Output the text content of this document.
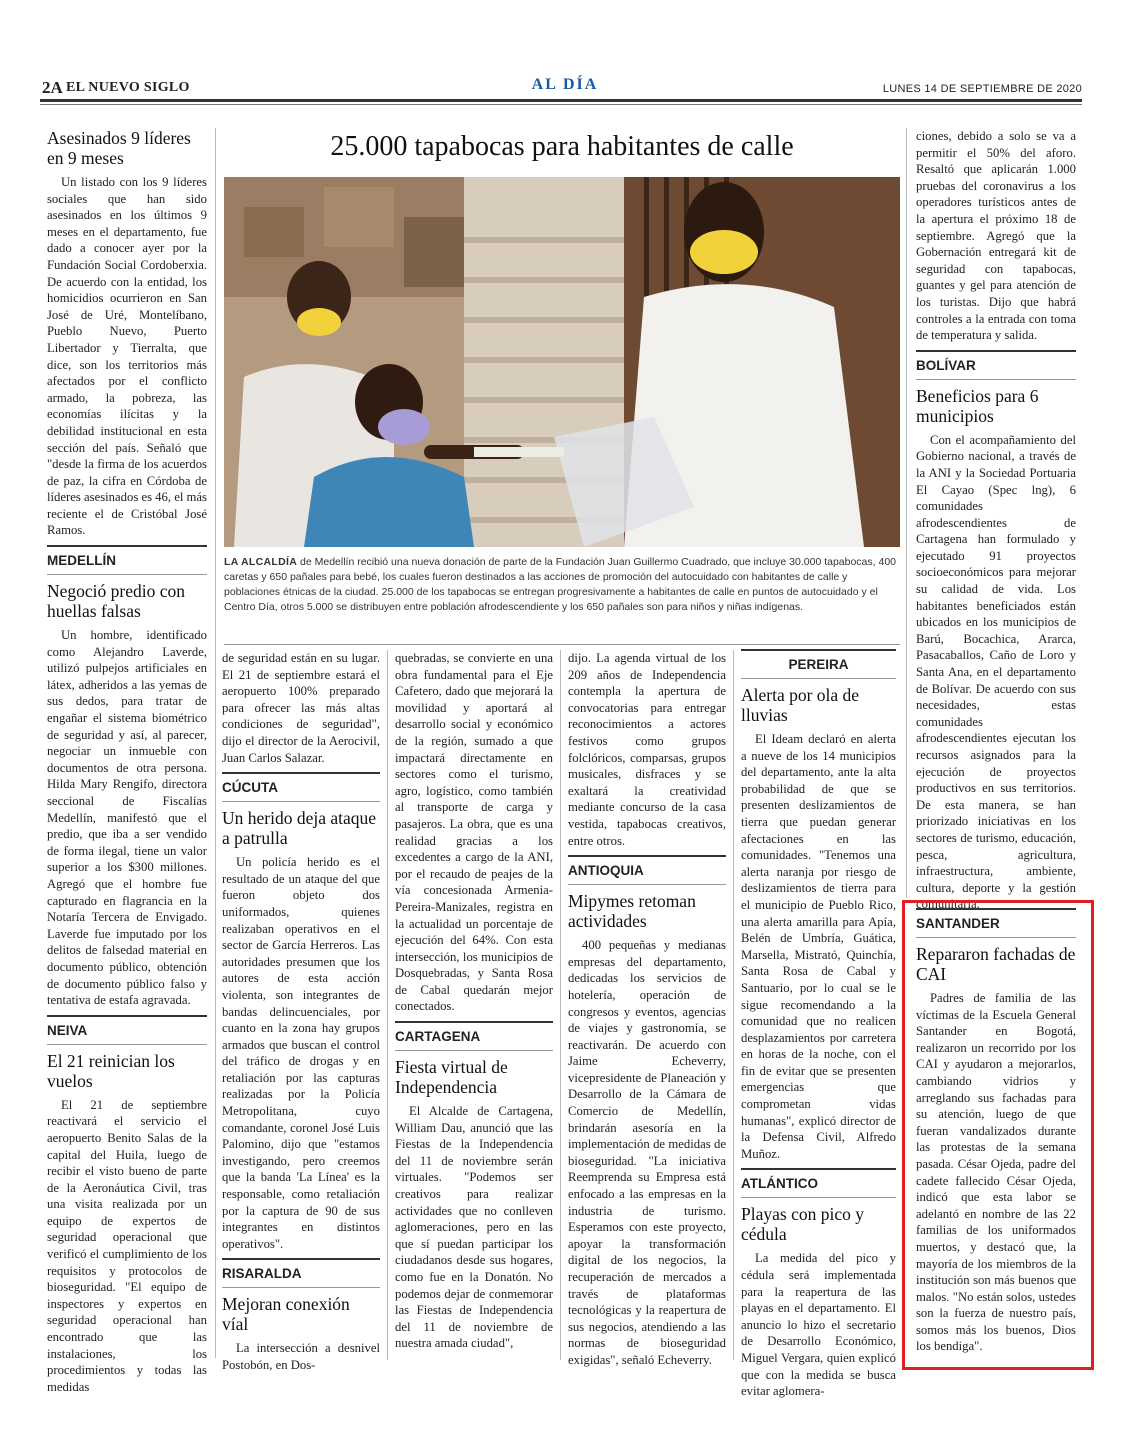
2A EL NUEVO SIGLO	AL DÍA	LUNES 14 DE SEPTIEMBRE DE 2020
Asesinados 9 líderes en 9 meses

Un listado con los 9 líderes sociales que han sido asesinados en los últimos 9 meses en el departamento, fue dado a conocer ayer por la Fundación Social Cordoberxia. De acuerdo con la entidad, los homicidios ocurrieron en San José de Uré, Montelíbano, Pueblo Nuevo, Puerto Libertador y Tierralta, que dice, son los territorios más afectados por el conflicto armado, la pobreza, las economías ilícitas y la debilidad institucional en esta sección del país. Señaló que "desde la firma de los acuerdos de paz, la cifra en Córdoba de líderes asesinados es 46, el más reciente el de Cristóbal José Ramos.

MEDELLÍN
Negoció predio con huellas falsas

Un hombre, identificado como Alejandro Laverde, utilizó pulpejos artificiales en látex, adheridos a las yemas de sus dedos, para tratar de engañar el sistema biométrico de seguridad y así, al parecer, negociar un inmueble con documentos de otra persona. Hilda Mary Rengifo, directora seccional de Fiscalías Medellín, manifestó que el predio, que iba a ser vendido de forma ilegal, tiene un valor superior a los $300 millones. Agregó que el hombre fue capturado en flagrancia en la Notaría Tercera de Envigado. Laverde fue imputado por los delitos de falsedad material en documento público, obtención de documento público falso y tentativa de estafa agravada.

NEIVA
El 21 reinician los vuelos

El 21 de septiembre reactivará el servicio el aeropuerto Benito Salas de la capital del Huila, luego de recibir el visto bueno de parte de la Aeronáutica Civil, tras una visita realizada por un equipo de expertos de seguridad operacional que verificó el cumplimiento de los requisitos y protocolos de bioseguridad. "El equipo de inspectores y expertos en seguridad operacional han encontrado que las instalaciones, los procedimientos y todas las medidas

25.000 tapabocas para habitantes de calle
LA ALCALDÍA de Medellín recibió una nueva donación de parte de la Fundación Juan Guillermo Cuadrado, que incluye 30.000 tapabocas, 400 caretas y 650 pañales para bebé, los cuales fueron destinados a las acciones de promoción del autocuidado con habitantes de calle y poblaciones étnicas de la ciudad. 25.000 de los tapabocas se entregan progresivamente a habitantes de calle en puntos de autocuidado y el Centro Día, otros 5.000 se distribuyen entre población afrodescendiente y los 650 pañales son para niños y niñas indígenas.

de seguridad están en su lugar. El 21 de septiembre estará el aeropuerto 100% preparado para ofrecer las más altas condiciones de seguridad", dijo el director de la Aerocivil, Juan Carlos Salazar.

CÚCUTA
Un herido deja ataque a patrulla

Un policía herido es el resultado de un ataque del que fueron objeto dos uniformados, quienes realizaban operativos en el sector de García Herreros. Las autoridades presumen que los autores de esta acción violenta, son integrantes de bandas delincuenciales, por cuanto en la zona hay grupos armados que buscan el control del tráfico de drogas y en retaliación por las capturas realizadas por la Policía Metropolitana, cuyo comandante, coronel José Luis Palomino, dijo que "estamos investigando, pero creemos que la banda 'La Línea' es la responsable, como retaliación por la captura de 90 de sus integrantes en distintos operativos".

RISARALDA
Mejoran conexión víal

La intersección a desnivel Postobón, en Dos-

quebradas, se convierte en una obra fundamental para el Eje Cafetero, dado que mejorará la movilidad y aportará al desarrollo social y económico de la región, sumado a que impactará directamente en sectores como el turismo, agro, logístico, como también al transporte de carga y pasajeros. La obra, que es una realidad gracias a los excedentes a cargo de la ANI, por el recaudo de peajes de la vía concesionada Armenia-Pereira-Manizales, registra en la actualidad un porcentaje de ejecución del 64%. Con esta intersección, los municipios de Dosquebradas, y Santa Rosa de Cabal quedarán mejor conectados.

CARTAGENA
Fiesta virtual de Independencia

El Alcalde de Cartagena, William Dau, anunció que las Fiestas de la Independencia del 11 de noviembre serán virtuales. "Podemos ser creativos para realizar actividades que no conlleven aglomeraciones, pero en las que sí puedan participar los ciudadanos desde sus hogares, como fue en la Donatón. No podemos dejar de conmemorar las Fiestas de Independencia del 11 de noviembre de nuestra amada ciudad",

dijo. La agenda virtual de los 209 años de Independencia contempla la apertura de convocatorias para entregar reconocimientos a actores festivos como grupos folclóricos, comparsas, grupos musicales, disfraces y se exaltará la creatividad mediante concurso de la casa vestida, tapabocas creativos, entre otros.

ANTIOQUIA
Mipymes retoman actividades

400 pequeñas y medianas empresas del departamento, dedicadas los servicios de hotelería, operación de congresos y eventos, agencias de viajes y gastronomía, se reactivarán. De acuerdo con Jaime Echeverry, vicepresidente de Planeación y Desarrollo de la Cámara de Comercio de Medellín, brindarán asesoría en la implementación de medidas de bioseguridad. "La iniciativa Reemprenda su Empresa está enfocado a las empresas en la industria de turismo. Esperamos con este proyecto, apoyar la transformación digital de los negocios, la recuperación de mercados a través de plataformas tecnológicas y la reapertura de sus negocios, atendiendo a las normas de bioseguridad exigidas", señaló Echeverry.

PEREIRA
Alerta por ola de lluvias

El Ideam declaró en alerta a nueve de los 14 municipios del departamento, ante la alta probabilidad de que se presenten deslizamientos de tierra que puedan generar afectaciones en las comunidades. "Tenemos una alerta naranja por riesgo de deslizamientos de tierra para el municipio de Pueblo Rico, una alerta amarilla para Apía, Belén de Umbría, Guática, Marsella, Mistrató, Quinchía, Santa Rosa de Cabal y Santuario, por lo cual se le sigue recomendando a la comunidad que no realicen desplazamientos por carretera en horas de la noche, con el fin de evitar que se presenten emergencias que comprometan vidas humanas", explicó director de la Defensa Civil, Alfredo Muñoz.

ATLÁNTICO
Playas con pico y cédula

La medida del pico y cédula será implementada para la reapertura de las playas en el departamento. El anuncio lo hizo el secretario de Desarrollo Económico, Miguel Vergara, quien explicó que con la medida se busca evitar aglomera-

ciones, debido a solo se va a permitir el 50% del aforo. Resaltó que aplicarán 1.000 pruebas del coronavirus a los operadores turísticos antes de la apertura el próximo 18 de septiembre. Agregó que la Gobernación entregará kit de seguridad con tapabocas, guantes y gel para atención de los turistas. Dijo que habrá controles a la entrada con toma de temperatura y salida.

BOLÍVAR
Beneficios para 6 municipios

Con el acompañamiento del Gobierno nacional, a través de la ANI y la Sociedad Portuaria El Cayao (Spec lng), 6 comunidades afrodescendientes de Cartagena han formulado y ejecutado 91 proyectos socioeconómicos para mejorar su calidad de vida. Los habitantes beneficiados están ubicados en los municipios de Barú, Bocachica, Ararca, Pasacaballos, Caño de Loro y Santa Ana, en el departamento de Bolívar. De acuerdo con sus necesidades, estas comunidades afrodescendientes ejecutan los recursos asignados para la ejecución de proyectos productivos en sus territorios. De esta manera, se han priorizado iniciativas en los sectores de turismo, educación, pesca, agricultura, infraestructura, ambiente, cultura, deporte y la gestión comunitaria.

SANTANDER
Repararon fachadas de CAI

Padres de familia de las víctimas de la Escuela General Santander en Bogotá, realizaron un recorrido por los CAI y ayudaron a mejorarlos, cambiando vidrios y arreglando sus fachadas para su atención, luego de que fueran vandalizados durante las protestas de la semana pasada. César Ojeda, padre del cadete fallecido César Ojeda, indicó que esta labor se adelantó en nombre de las 22 familias de los uniformados muertos, y destacó que, la mayoría de los miembros de la institución son más buenos que malos. "No están solos, ustedes son la fuerza de nuestro país, somos más los buenos, Dios los bendiga".
